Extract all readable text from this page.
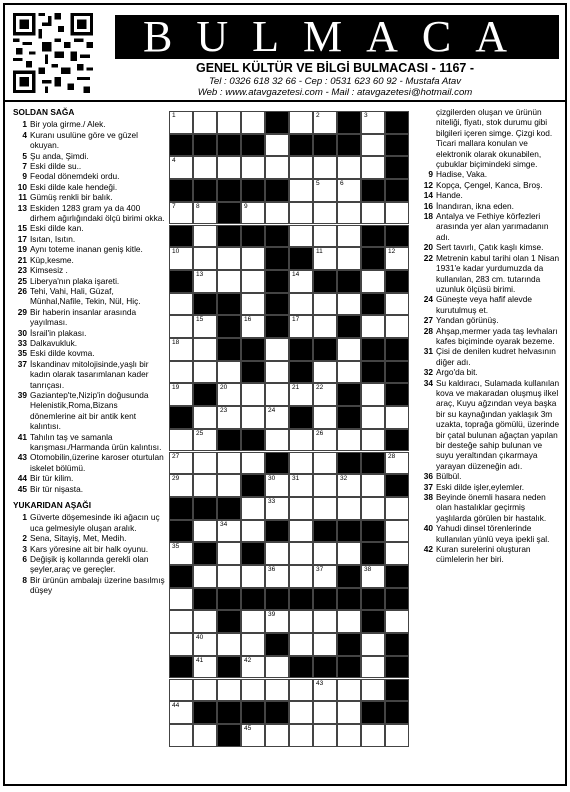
BULMACA
GENEL KÜLTÜR VE BİLGİ BULMACASI - 1167 -
Tel : 0326 618 32 66 - Cep : 0531 623 60 92 - Mustafa Atav
Web : www.atavgazetesi.com - Mail : atavgazetesi@hotmail.com
SOLDAN SAĞA
1 Bir yola girme./ Alek.
4 Kuranı usulüne göre ve güzel okuyan.
5 Şu anda, Şimdi.
7 Eski dilde su..
9 Feodal dönemdeki ordu.
10 Eski dilde kale hendeği.
11 Gümüş renkli bir balık.
13 Eskiden 1283 gram ya da 400 dirhem ağırlığındaki ölçü birimi okka.
15 Eski dilde kan.
17 Isıtan, Isıtın.
19 Aynı toteme inanan geniş kitle.
21 Küp,kesme.
23 Kimsesiz .
25 Liberya'nın plaka işareti.
26 Tehi, Vahi, Hali, Güzaf, Münhal,Nafile, Tekin, Nül, Hiç.
29 Bir haberin insanlar arasında yayılması.
30 İsrail'in plakası.
33 Dalkavukluk.
35 Eski dilde kovma.
37 İskandinav mitolojisinde,yaşlı bir kadın olarak tasarımlanan kader tanrıçası.
39 Gaziantep'te,Nizip'in doğusunda Helenistik,Roma,Bizans dönemlerine ait bir antik kent kalıntısı.
41 Tahılın taş ve samanla karışması./Harmanda ürün kalıntısı.
43 Otomobilin,üzerine karoser oturtulan iskelet bölümü.
44 Bir tür kilim.
45 Bir tür nişasta.
YUKARIDAN AŞAĞI
1 Güverte döşemesinde iki ağacın uç uca gelmesiyle oluşan aralık.
2 Sena, Sitayiş, Met, Medih.
3 Kars yöresine ait bir halk oyunu.
6 Değişik iş kollarında gerekli olan şeyler,araç ve gereçler.
8 Bir ürünün ambalajı üzerine basılmış düşey
1	2	3
4
5	6
7	8	9
10	11	12
13	14
15	16	17
18
19	20	21	22
23	24
25	26
27	28
29	30	31	32
33
34
35
36	37	38
39
40
41	42
43
44
45
çizgilerden oluşan ve ürünün niteliği, fiyatı, stok durumu gibi bilgileri içeren simge. Çizgi kod. Ticari mallara konulan ve elektronik olarak okunabilen, çubuklar biçimindeki simge.
9 Hadise, Vaka.
12 Kopça, Çengel, Kanca, Broş.
14 Hande.
16 İnandıran, ikna eden.
18 Antalya ve Fethiye körfezleri arasında yer alan yarımadanın adı.
20 Sert tavırlı, Çatık kaşlı kimse.
22 Metrenin kabul tarihi olan 1 Nisan 1931'e kadar yurdumuzda da kullanılan, 283 cm. tutarında uzunluk ölçüsü birimi.
24 Güneşte veya hafif alevde kurutulmuş et.
27 Yandan görünüş.
28 Ahşap,mermer yada taş levhaları kafes biçiminde oyarak bezeme.
31 Çisi de denilen kudret helvasının diğer adı.
32 Argo'da bit.
34 Su kaldıracı, Sulamada kullanılan kova ve makaradan oluşmuş ilkel araç, Kuyu ağzından veya başka bir su kaynağından yaklaşık 3m uzakta, toprağa gömülü, üzerinde bir çatal bulunan ağaçtan yapılan bir desteğe sahip bulunan ve suyu yeraltından çıkarmaya yarayan düzeneğin adı.
36 Bülbül.
37 Eski dilde işler,eylemler.
38 Beyinde önemli hasara neden olan hastalıklar geçirmiş yaşlılarda görülen bir hastalık.
40 Yahudi dinsel törenlerinde kullanılan yünlü veya ipekli şal.
42 Kuran surelerini oluşturan cümlelerin her biri.
